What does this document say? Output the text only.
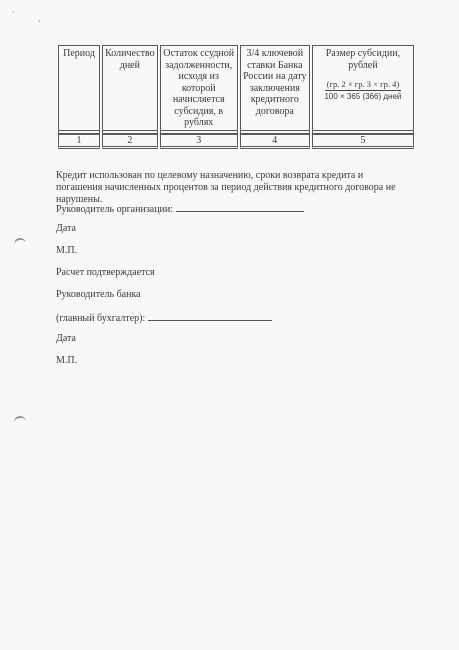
`	,
Период	Количество дней	Остаток ссудной задолженности, исходя из которой начисляется субсидия, в рублях	3/4 ключевой ставки Банка России на дату заключения кредитного договора	Размер субсидии, рублей
(гр. 2 × гр. 3 × гр. 4)
100 × 365 (366) дней

1	2	3	4	5
Кредит использован по целевому назначению, сроки возврата кредита и погашения начисленных процентов за период действия кредитного договора не нарушены.
Руководитель организации:
Дата
М.П.
Расчет подтверждается
Руководитель банка
(главный бухгалтер):
Дата
М.П.
